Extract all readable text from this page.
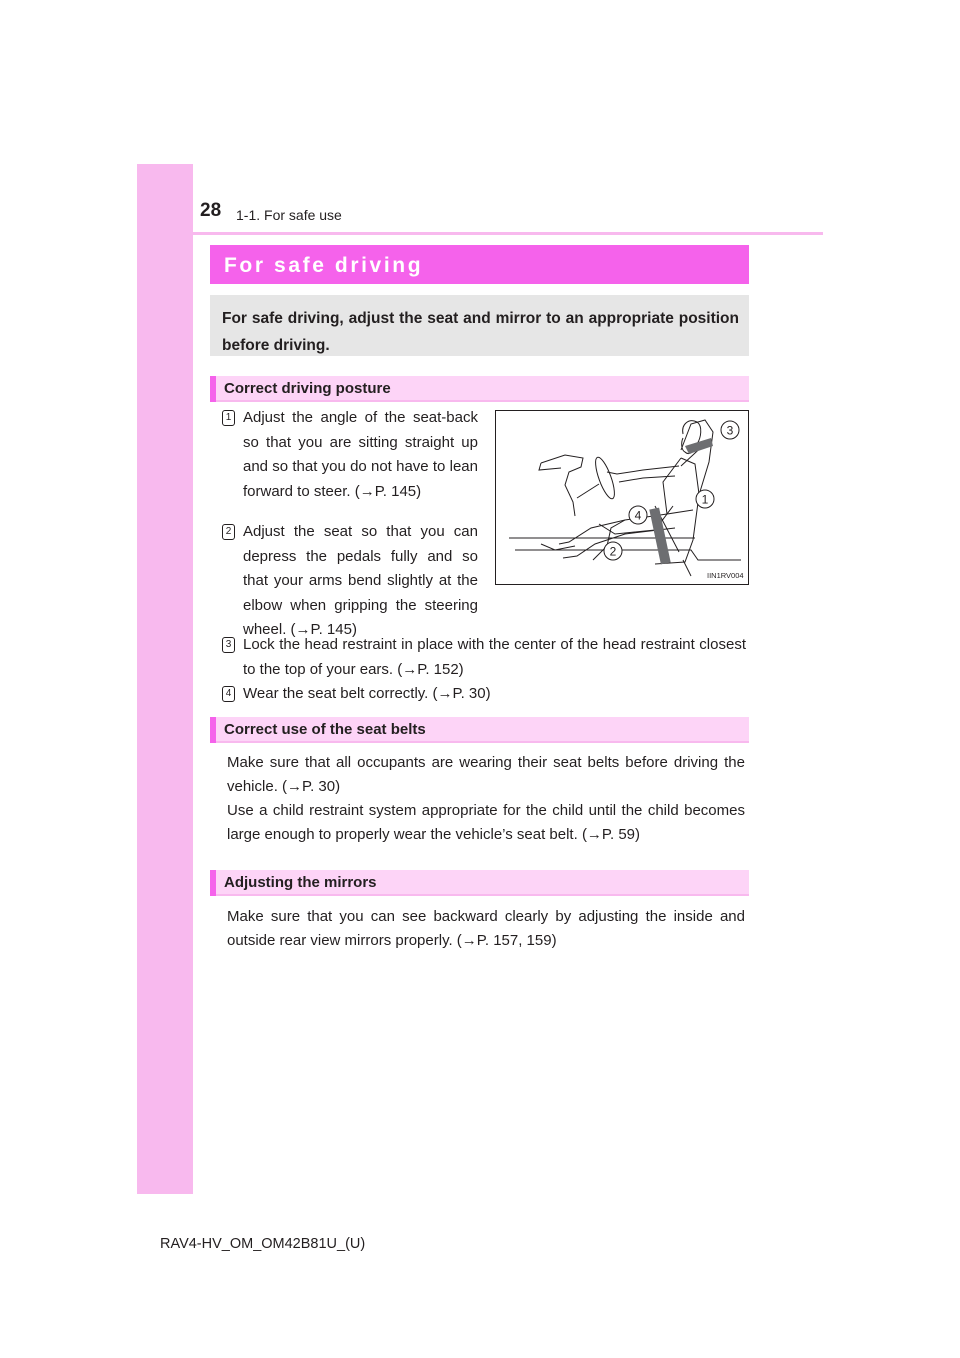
28 1-1. For safe use
For safe driving
For safe driving, adjust the seat and mirror to an appropriate position before driving.
Correct driving posture
1 Adjust the angle of the seat-back so that you are sitting straight up and so that you do not have to lean forward to steer. (→P. 145)
2 Adjust the seat so that you can depress the pedals fully and so that your arms bend slightly at the elbow when gripping the steering wheel. (→P. 145)
3 Lock the head restraint in place with the center of the head restraint closest to the top of your ears. (→P. 152)
4 Wear the seat belt correctly. (→P. 30)
3
1
4
2
IIN1RV004
Correct use of the seat belts
Make sure that all occupants are wearing their seat belts before driving the vehicle. (→P. 30)
Use a child restraint system appropriate for the child until the child becomes large enough to properly wear the vehicle’s seat belt. (→P. 59)
Adjusting the mirrors
Make sure that you can see backward clearly by adjusting the inside and outside rear view mirrors properly. (→P. 157, 159)
RAV4-HV_OM_OM42B81U_(U)
